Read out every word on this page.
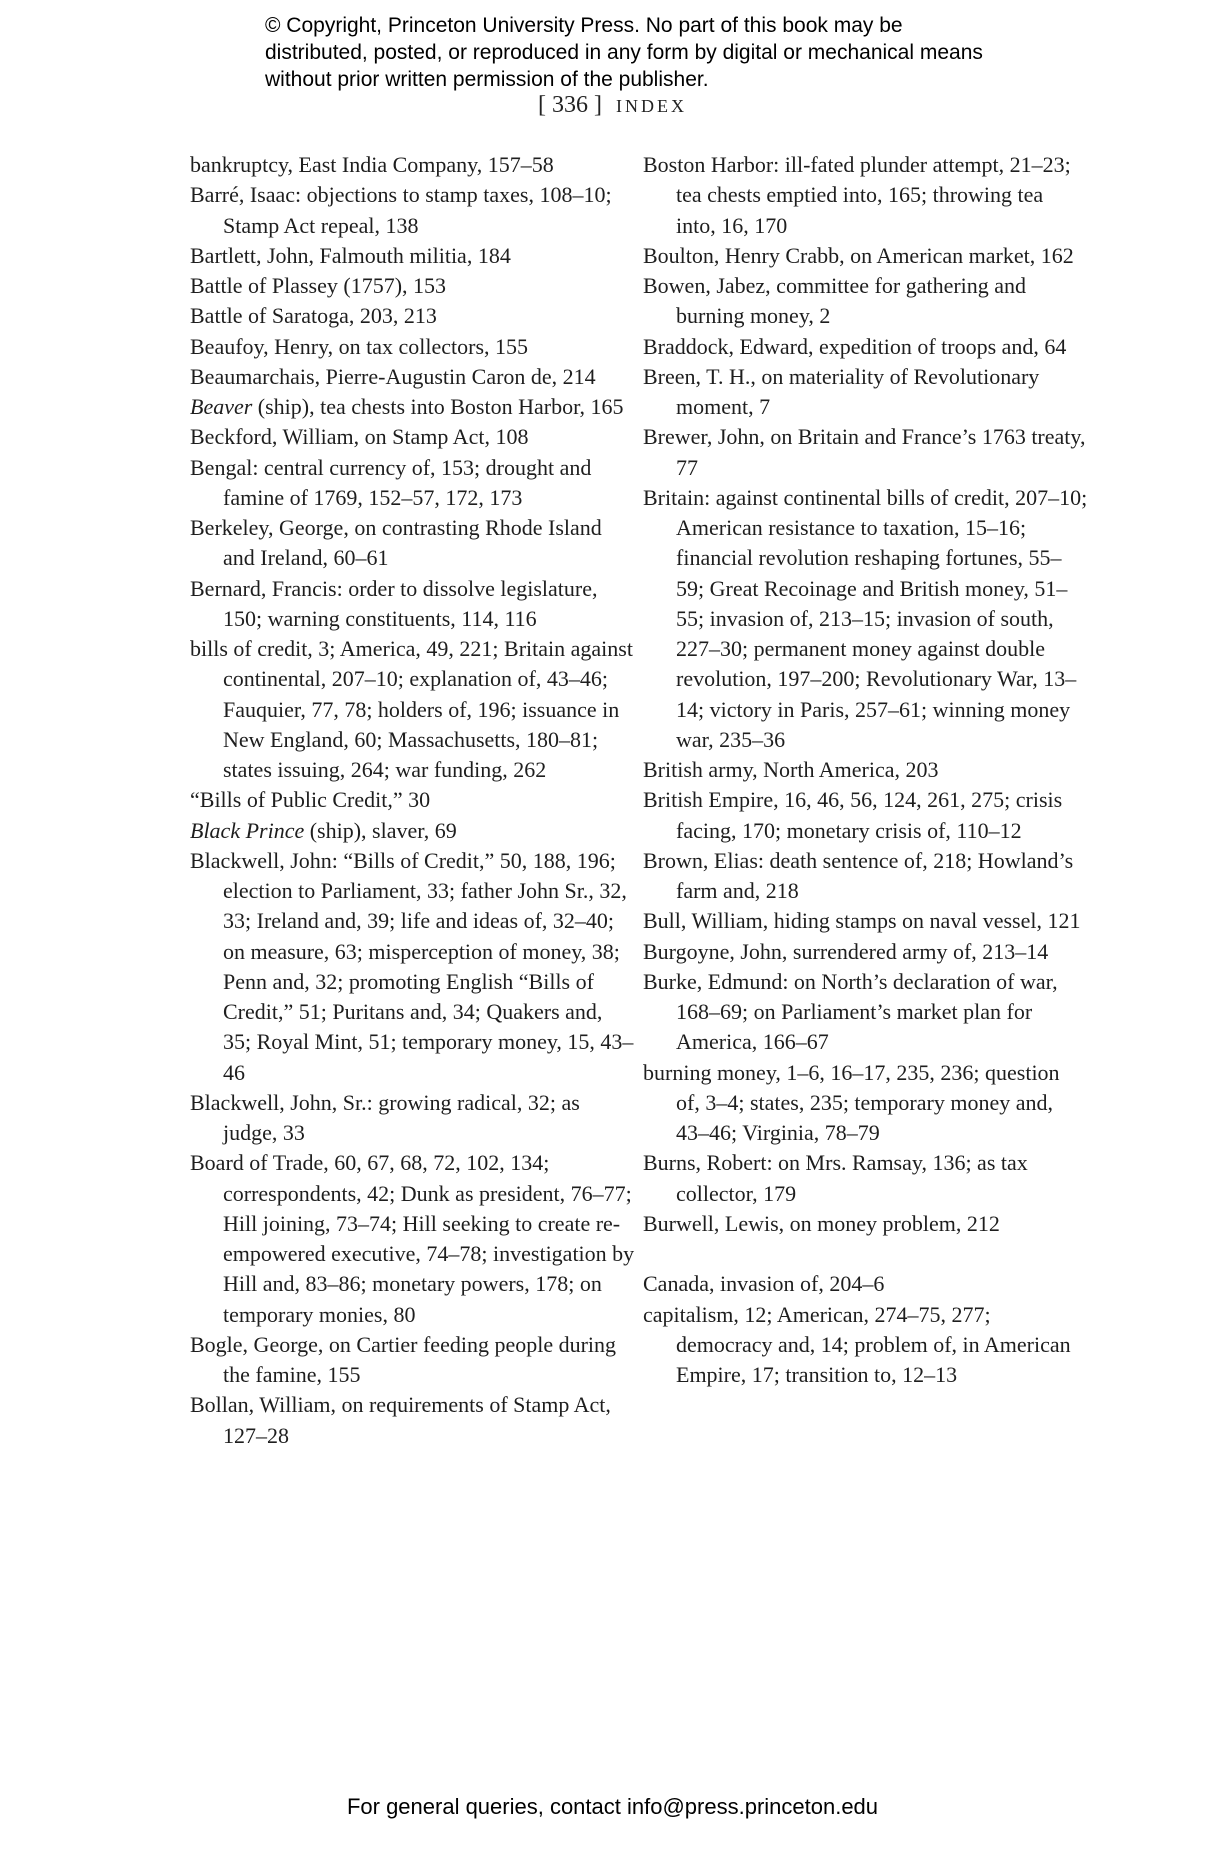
© Copyright, Princeton University Press. No part of this book may be distributed, posted, or reproduced in any form by digital or mechanical means without prior written permission of the publisher.
[ 336 ] INDEX

bankruptcy, East India Company, 157–58

Barré, Isaac: objections to stamp taxes, 108–10; Stamp Act repeal, 138

Bartlett, John, Falmouth militia, 184

Battle of Plassey (1757), 153

Battle of Saratoga, 203, 213

Beaufoy, Henry, on tax collectors, 155

Beaumarchais, Pierre-Augustin Caron de, 214

Beaver (ship), tea chests into Boston Harbor, 165

Beckford, William, on Stamp Act, 108

Bengal: central currency of, 153; drought and famine of 1769, 152–57, 172, 173

Berkeley, George, on contrasting Rhode Island and Ireland, 60–61

Bernard, Francis: order to dissolve legislature, 150; warning constituents, 114, 116

bills of credit, 3; America, 49, 221; Britain against continental, 207–10; explanation of, 43–46; Fauquier, 77, 78; holders of, 196; issuance in New England, 60; Massachusetts, 180–81; states issuing, 264; war funding, 262

“Bills of Public Credit,” 30

Black Prince (ship), slaver, 69

Blackwell, John: “Bills of Credit,” 50, 188, 196; election to Parliament, 33; father John Sr., 32, 33; Ireland and, 39; life and ideas of, 32–40; on measure, 63; misperception of money, 38; Penn and, 32; promoting English “Bills of Credit,” 51; Puritans and, 34; Quakers and, 35; Royal Mint, 51; temporary money, 15, 43–46

Blackwell, John, Sr.: growing radical, 32; as judge, 33

Board of Trade, 60, 67, 68, 72, 102, 134; correspondents, 42; Dunk as president, 76–77; Hill joining, 73–74; Hill seeking to create re-empowered executive, 74–78; investigation by Hill and, 83–86; monetary powers, 178; on temporary monies, 80

Bogle, George, on Cartier feeding people during the famine, 155

Bollan, William, on requirements of Stamp Act, 127–28

Boston Harbor: ill-fated plunder attempt, 21–23; tea chests emptied into, 165; throwing tea into, 16, 170

Boulton, Henry Crabb, on American market, 162

Bowen, Jabez, committee for gathering and burning money, 2

Braddock, Edward, expedition of troops and, 64

Breen, T. H., on materiality of Revolutionary moment, 7

Brewer, John, on Britain and France’s 1763 treaty, 77

Britain: against continental bills of credit, 207–10; American resistance to taxation, 15–16; financial revolution reshaping fortunes, 55–59; Great Recoinage and British money, 51–55; invasion of, 213–15; invasion of south, 227–30; permanent money against double revolution, 197–200; Revolutionary War, 13–14; victory in Paris, 257–61; winning money war, 235–36

British army, North America, 203

British Empire, 16, 46, 56, 124, 261, 275; crisis facing, 170; monetary crisis of, 110–12

Brown, Elias: death sentence of, 218; Howland’s farm and, 218

Bull, William, hiding stamps on naval vessel, 121

Burgoyne, John, surrendered army of, 213–14

Burke, Edmund: on North’s declaration of war, 168–69; on Parliament’s market plan for America, 166–67

burning money, 1–6, 16–17, 235, 236; question of, 3–4; states, 235; temporary money and, 43–46; Virginia, 78–79

Burns, Robert: on Mrs. Ramsay, 136; as tax collector, 179

Burwell, Lewis, on money problem, 212

Canada, invasion of, 204–6

capitalism, 12; American, 274–75, 277; democracy and, 14; problem of, in American Empire, 17; transition to, 12–13

For general queries, contact info@press.princeton.edu
